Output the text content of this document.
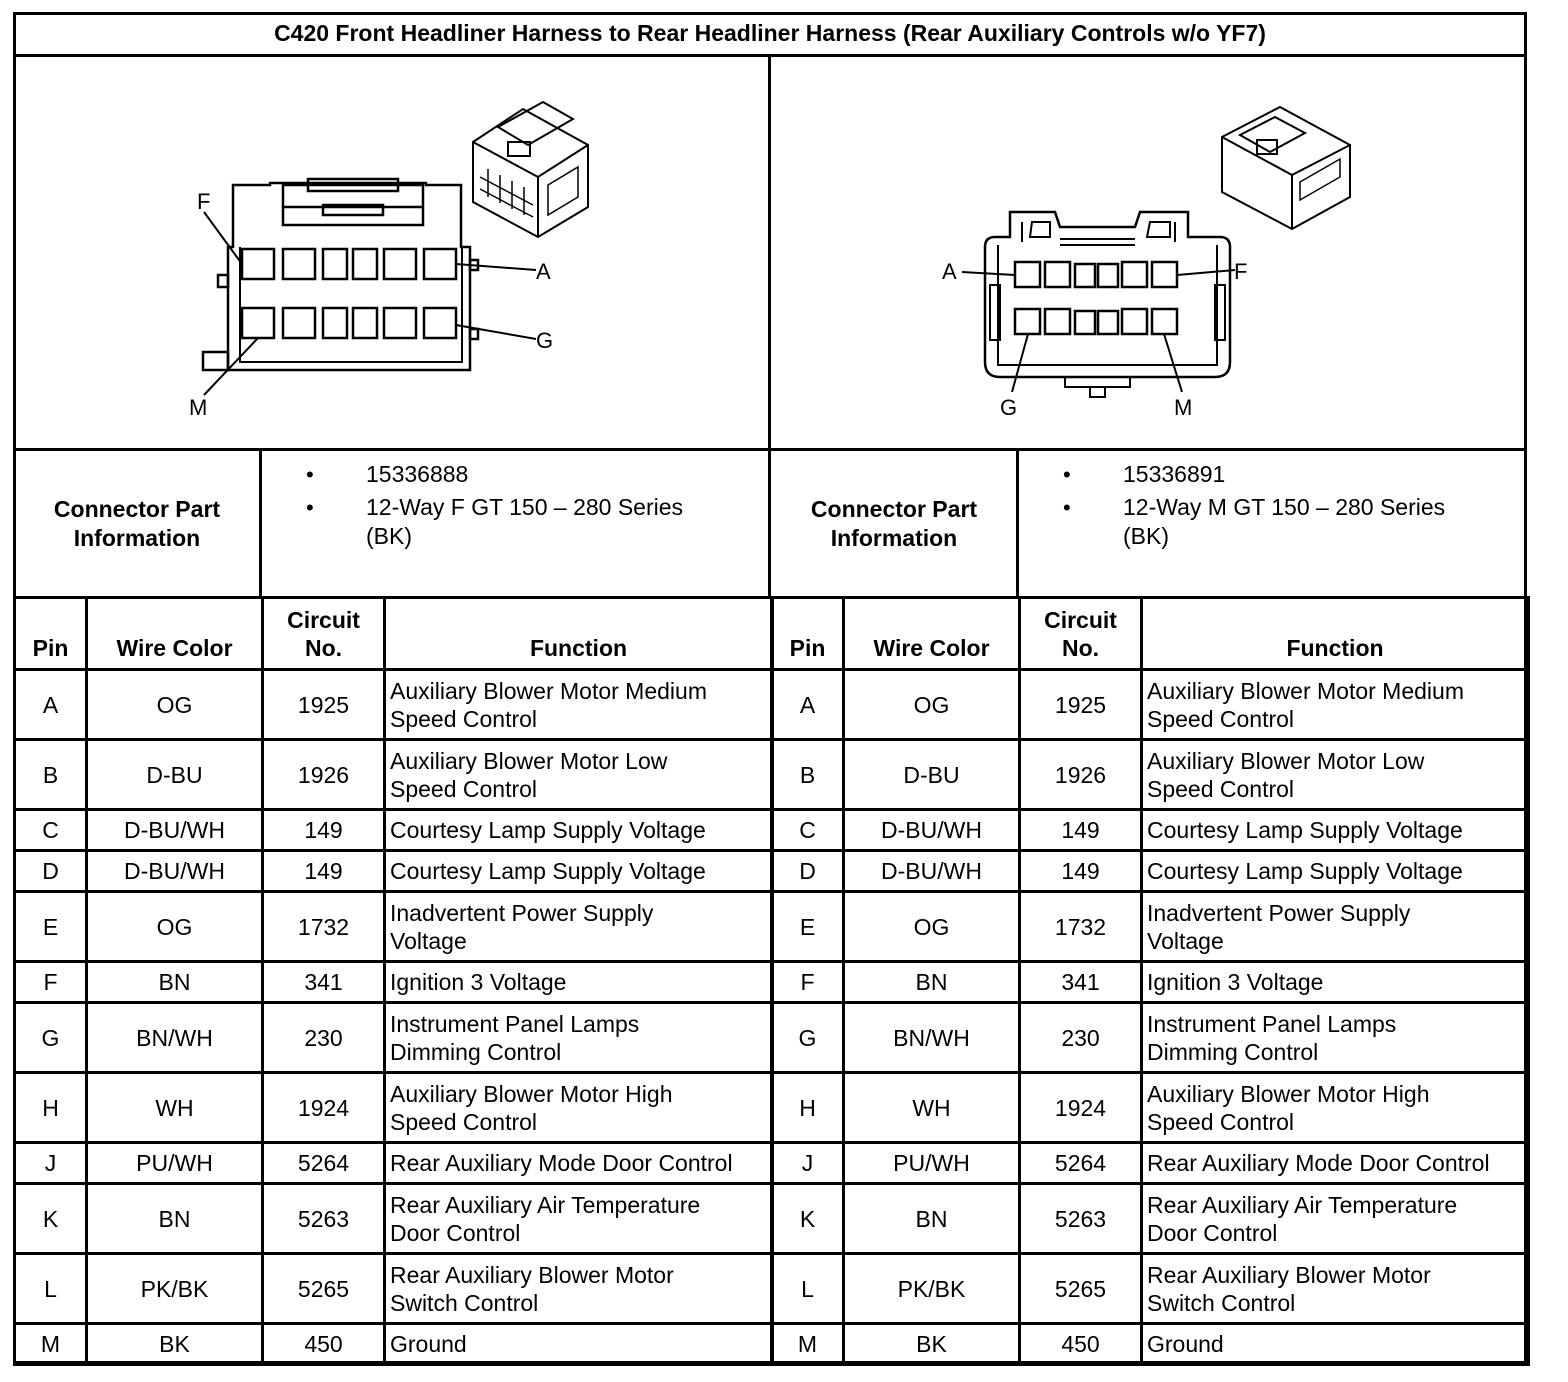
C420 Front Headliner Harness to Rear Headliner Harness (Rear Auxiliary Controls w/o YF7)
F
A
G
M
A	F
G	M
Connector Part
Information
• 15336888
• 12-Way F GT 150 – 280 Series
(BK)
Connector Part
Information
• 15336891
• 12-Way M GT 150 – 280 Series
(BK)
Pin	Wire Color	Circuit
No.	Function
A	OG	1925	Auxiliary Blower Motor Medium
Speed Control
B	D-BU	1926	Auxiliary Blower Motor Low
Speed Control
C	D-BU/WH	149	Courtesy Lamp Supply Voltage
D	D-BU/WH	149	Courtesy Lamp Supply Voltage
E	OG	1732	Inadvertent Power Supply
Voltage
F	BN	341	Ignition 3 Voltage
G	BN/WH	230	Instrument Panel Lamps
Dimming Control
H	WH	1924	Auxiliary Blower Motor High
Speed Control
J	PU/WH	5264	Rear Auxiliary Mode Door Control
K	BN	5263	Rear Auxiliary Air Temperature
Door Control
L	PK/BK	5265	Rear Auxiliary Blower Motor
Switch Control
M	BK	450	Ground
Pin	Wire Color	Circuit
No.	Function
A	OG	1925	Auxiliary Blower Motor Medium
Speed Control
B	D-BU	1926	Auxiliary Blower Motor Low
Speed Control
C	D-BU/WH	149	Courtesy Lamp Supply Voltage
D	D-BU/WH	149	Courtesy Lamp Supply Voltage
E	OG	1732	Inadvertent Power Supply
Voltage
F	BN	341	Ignition 3 Voltage
G	BN/WH	230	Instrument Panel Lamps
Dimming Control
H	WH	1924	Auxiliary Blower Motor High
Speed Control
J	PU/WH	5264	Rear Auxiliary Mode Door Control
K	BN	5263	Rear Auxiliary Air Temperature
Door Control
L	PK/BK	5265	Rear Auxiliary Blower Motor
Switch Control
M	BK	450	Ground
